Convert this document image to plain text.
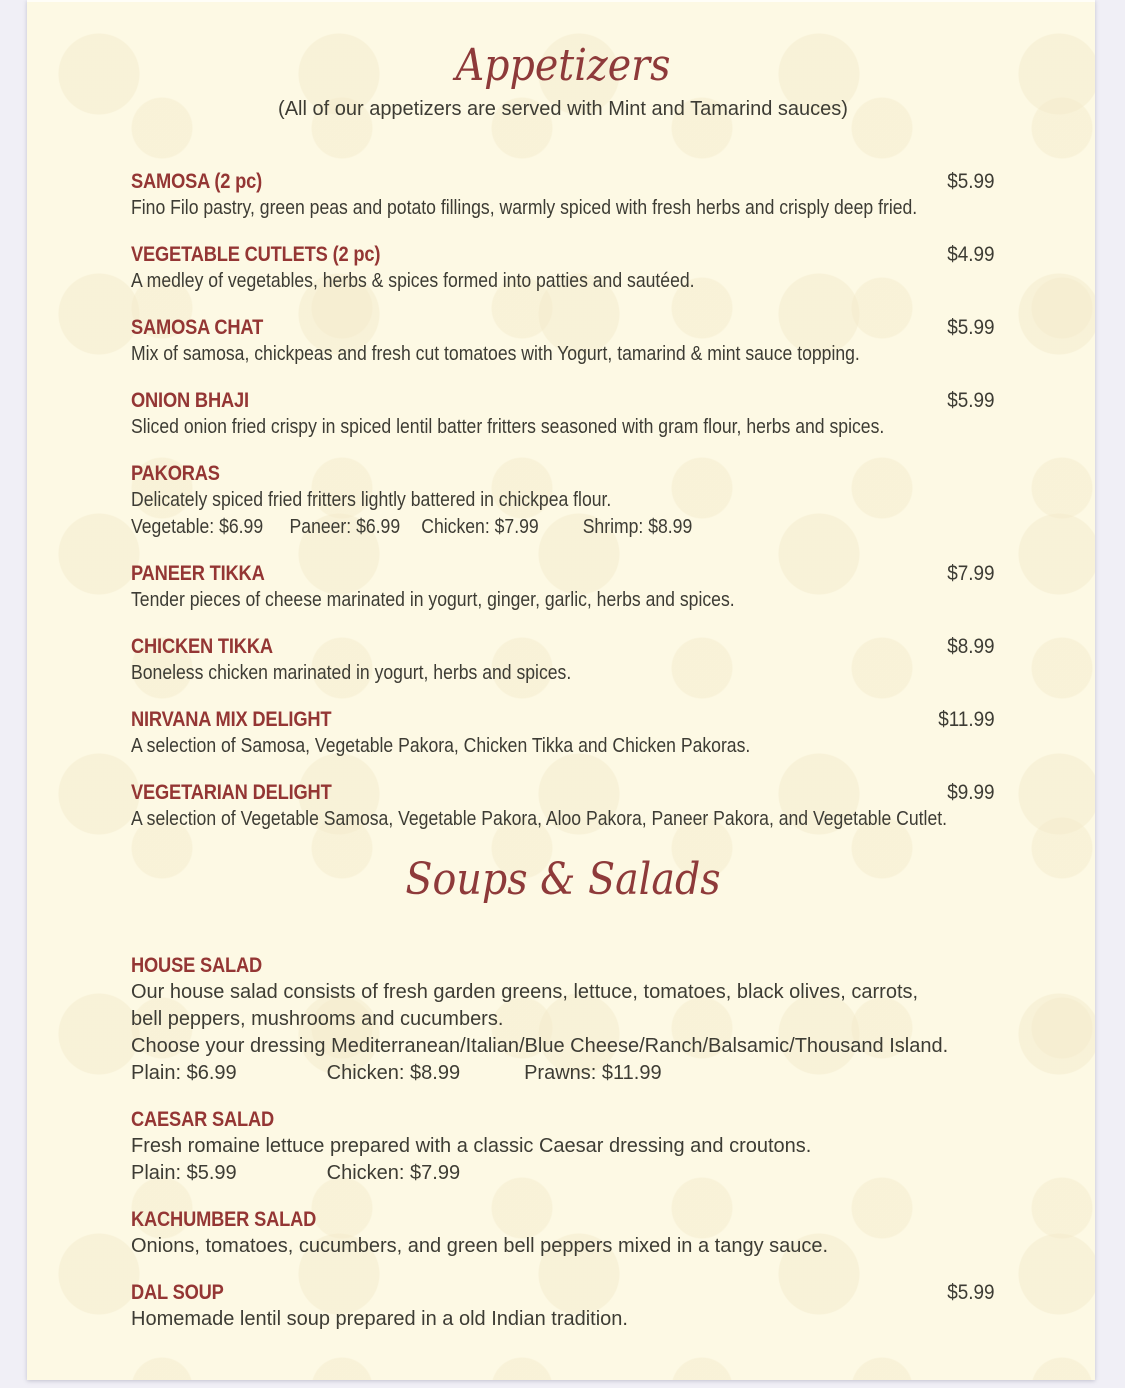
Appetizers
(All of our appetizers are served with Mint and Tamarind sauces)
SAMOSA (2 pc)	$5.99
Fino Filo pastry, green peas and potato fillings, warmly spiced with fresh herbs and crisply deep fried.
VEGETABLE CUTLETS (2 pc)	$4.99
A medley of vegetables, herbs & spices formed into patties and sautéed.
SAMOSA CHAT	$5.99
Mix of samosa, chickpeas and fresh cut tomatoes with Yogurt, tamarind & mint sauce topping.
ONION BHAJI	$5.99
Sliced onion fried crispy in spiced lentil batter fritters seasoned with gram flour, herbs and spices.
PAKORAS
Delicately spiced fried fritters lightly battered in chickpea flour.
Vegetable: $6.99 Paneer: $6.99 Chicken: $7.99 Shrimp: $8.99
PANEER TIKKA	$7.99
Tender pieces of cheese marinated in yogurt, ginger, garlic, herbs and spices.
CHICKEN TIKKA	$8.99
Boneless chicken marinated in yogurt, herbs and spices.
NIRVANA MIX DELIGHT	$11.99
A selection of Samosa, Vegetable Pakora, Chicken Tikka and Chicken Pakoras.
VEGETARIAN DELIGHT	$9.99
A selection of Vegetable Samosa, Vegetable Pakora, Aloo Pakora, Paneer Pakora, and Vegetable Cutlet.
Soups & Salads
HOUSE SALAD
Our house salad consists of fresh garden greens, lettuce, tomatoes, black olives, carrots,
bell peppers, mushrooms and cucumbers.
Choose your dressing Mediterranean/Italian/Blue Cheese/Ranch/Balsamic/Thousand Island.
Plain: $6.99	Chicken: $8.99	Prawns: $11.99
CAESAR SALAD
Fresh romaine lettuce prepared with a classic Caesar dressing and croutons.
Plain: $5.99	Chicken: $7.99
KACHUMBER SALAD
Onions, tomatoes, cucumbers, and green bell peppers mixed in a tangy sauce.
DAL SOUP	$5.99
Homemade lentil soup prepared in a old Indian tradition.
